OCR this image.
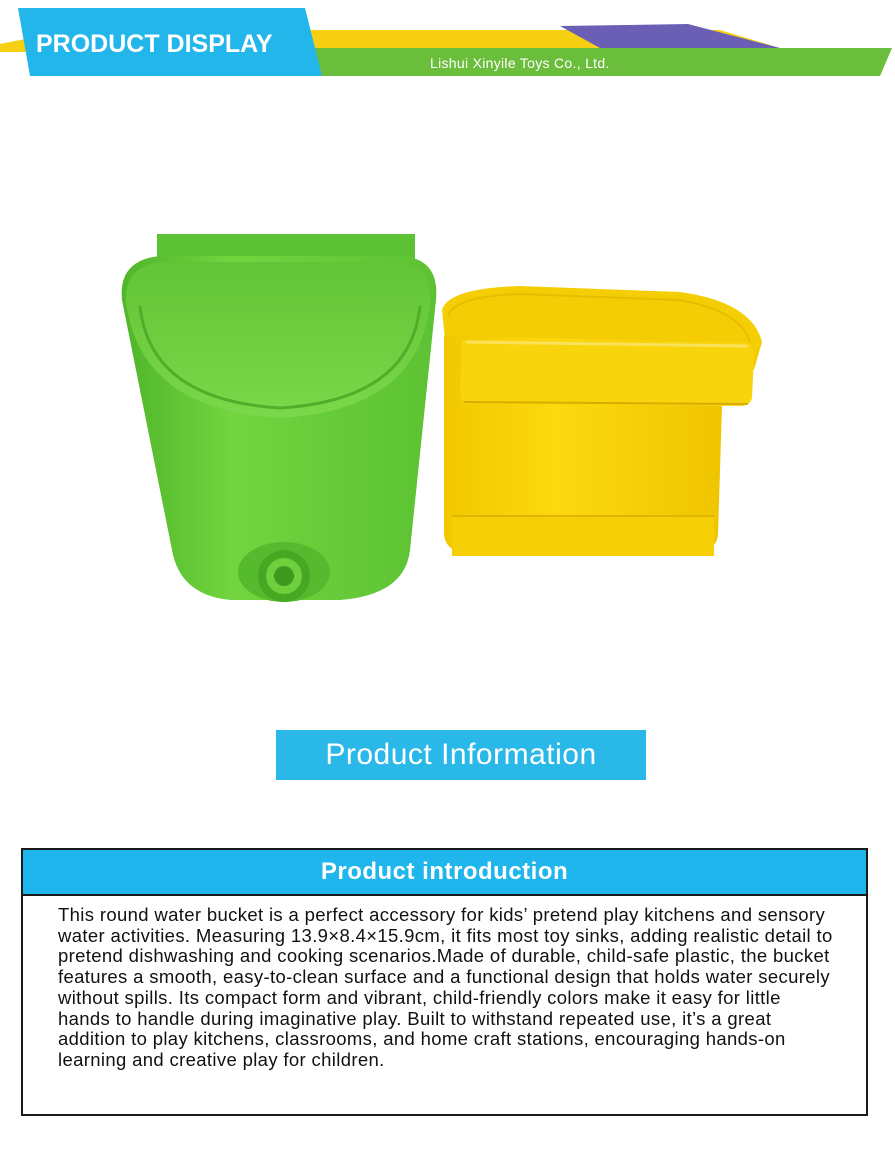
PRODUCT DISPLAY
Lishui Xinyile Toys Co., Ltd.
Product Information
Product introduction
This round water bucket is a perfect accessory for kids’ pretend play kitchens and sensory water activities. Measuring 13.9×8.4×15.9cm, it fits most toy sinks, adding realistic detail to pretend dishwashing and cooking scenarios.Made of durable, child-safe plastic, the bucket features a smooth, easy-to-clean surface and a functional design that holds water securely without spills. Its compact form and vibrant, child-friendly colors make it easy for little hands to handle during imaginative play. Built to withstand repeated use, it’s a great addition to play kitchens, classrooms, and home craft stations, encouraging hands-on learning and creative play for children.
